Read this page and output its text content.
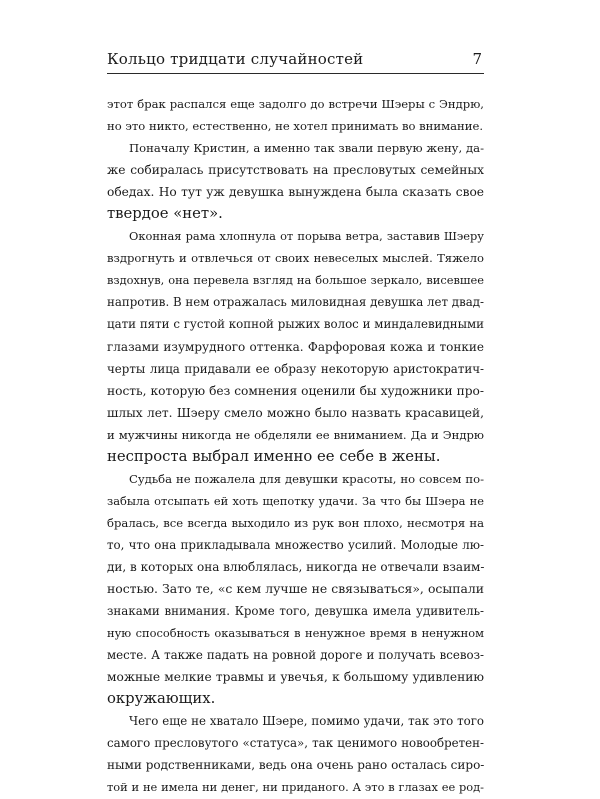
Кольцо тридцати случайностей	7

этот брак распался еще задолго до встречи Шэеры с Эндрю,
но это никто, естественно, не хотел принимать во внимание.

Поначалу Кристин, а именно так звали первую жену, да-
же собиралась присутствовать на пресловутых семейных
обедах. Но тут уж девушка вынуждена была сказать свое
твердое «нет».

Оконная рама хлопнула от порыва ветра, заставив Шэеру
вздрогнуть и отвлечься от своих невеселых мыслей. Тяжело
вздохнув, она перевела взгляд на большое зеркало, висевшее
напротив. В нем отражалась миловидная девушка лет двад-
цати пяти с густой копной рыжих волос и миндалевидными
глазами изумрудного оттенка. Фарфоровая кожа и тонкие
черты лица придавали ее образу некоторую аристократич-
ность, которую без сомнения оценили бы художники про-
шлых лет. Шэеру смело можно было назвать красавицей,
и мужчины никогда не обделяли ее вниманием. Да и Эндрю
неспроста выбрал именно ее себе в жены.

Судьба не пожалела для девушки красоты, но совсем по-
забыла отсыпать ей хоть щепотку удачи. За что бы Шэера не
бралась, все всегда выходило из рук вон плохо, несмотря на
то, что она прикладывала множество усилий. Молодые лю-
ди, в которых она влюблялась, никогда не отвечали взаим-
ностью. Зато те, «с кем лучше не связываться», осыпали
знаками внимания. Кроме того, девушка имела удивитель-
ную способность оказываться в ненужное время в ненужном
месте. А также падать на ровной дороге и получать всевоз-
можные мелкие травмы и увечья, к большому удивлению
окружающих.

Чего еще не хватало Шэере, помимо удачи, так это того
самого пресловутого «статуса», так ценимого новообретен-
ными родственниками, ведь она очень рано осталась сиро-
той и не имела ни денег, ни приданого. А это в глазах ее род-
